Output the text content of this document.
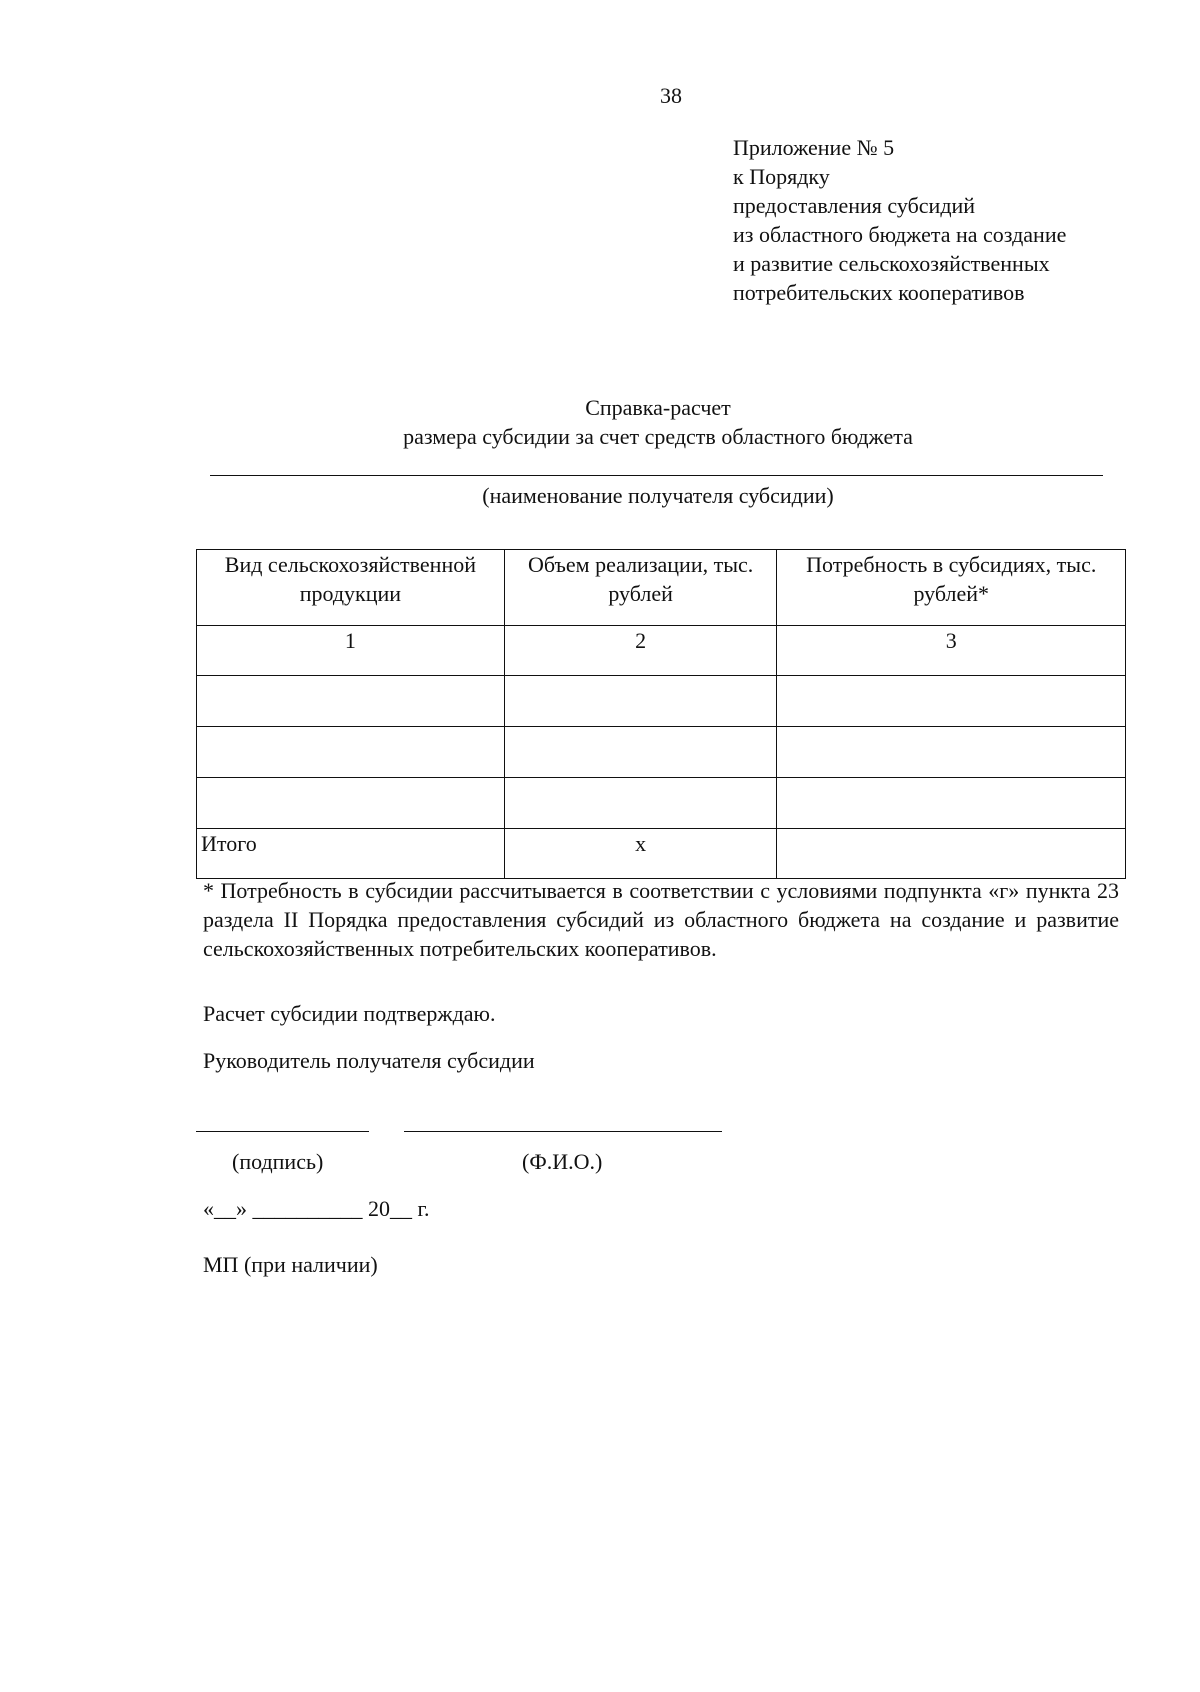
38
Приложение № 5
к Порядку
предоставления субсидий
из областного бюджета на создание
и развитие сельскохозяйственных
потребительских кооперативов
Справка-расчет
размера субсидии за счет средств областного бюджета
(наименование получателя субсидии)
Вид сельскохозяйственной продукции	Объем реализации, тыс. рублей	Потребность в субсидиях, тыс. рублей*
1	2	3

Итого	х	
* Потребность в субсидии рассчитывается в соответствии с условиями подпункта «г» пункта 23 раздела II Порядка предоставления субсидий из областного бюджета на создание и развитие сельскохозяйственных потребительских кооперативов.
Расчет субсидии подтверждаю.
Руководитель получателя субсидии
(подпись)	(Ф.И.О.)
«__» __________ 20__ г.
МП (при наличии)
